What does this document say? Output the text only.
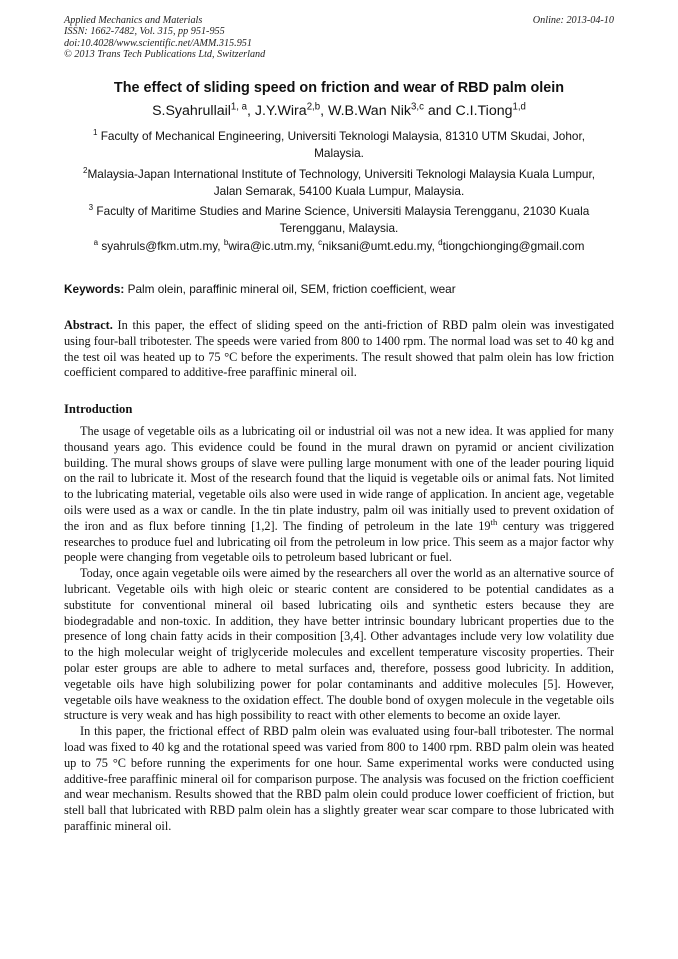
Applied Mechanics and Materials
ISSN: 1662-7482, Vol. 315, pp 951-955
doi:10.4028/www.scientific.net/AMM.315.951
© 2013 Trans Tech Publications Ltd, Switzerland
Online: 2013-04-10
The effect of sliding speed on friction and wear of RBD palm olein
S.Syahrullail$^{1, a}$, J.Y.Wira$^{2,b}$, W.B.Wan Nik$^{3,c}$ and C.I.Tiong$^{1,d}$
$^1$ Faculty of Mechanical Engineering, Universiti Teknologi Malaysia, 81310 UTM Skudai, Johor, Malaysia.
$^2$Malaysia-Japan International Institute of Technology, Universiti Teknologi Malaysia Kuala Lumpur, Jalan Semarak, 54100 Kuala Lumpur, Malaysia.
$^3$ Faculty of Maritime Studies and Marine Science, Universiti Malaysia Terengganu, 21030 Kuala Terengganu, Malaysia.
$^a$ syahruls@fkm.utm.my, $^b$wira@ic.utm.my, $^c$niksani@umt.edu.my, $^d$tiongchionging@gmail.com
Keywords: Palm olein, paraffinic mineral oil, SEM, friction coefficient, wear

Abstract. In this paper, the effect of sliding speed on the anti-friction of RBD palm olein was investigated using four-ball tribotester. The speeds were varied from 800 to 1400 rpm. The normal load was set to 40 kg and the test oil was heated up to 75 °C before the experiments. The result showed that palm olein has low friction coefficient compared to additive-free paraffinic mineral oil.

Introduction

The usage of vegetable oils as a lubricating oil or industrial oil was not a new idea. It was applied for many thousand years ago. This evidence could be found in the mural drawn on pyramid or ancient civilization building. The mural shows groups of slave were pulling large monument with one of the leader pouring liquid on the rail to lubricate it. Most of the research found that the liquid is vegetable oils or animal fats. Not limited to the lubricating material, vegetable oils also were used in wide range of application. In ancient age, vegetable oils were used as a wax or candle. In the tin plate industry, palm oil was initially used to prevent oxidation of the iron and as flux before tinning [1,2]. The finding of petroleum in the late 19th century was triggered researches to produce fuel and lubricating oil from the petroleum in low price. This seem as a major factor why people were changing from vegetable oils to petroleum based lubricant or fuel.

Today, once again vegetable oils were aimed by the researchers all over the world as an alternative source of lubricant. Vegetable oils with high oleic or stearic content are considered to be potential candidates as a substitute for conventional mineral oil based lubricating oils and synthetic esters because they are biodegradable and non-toxic. In addition, they have better intrinsic boundary lubricant properties due to the presence of long chain fatty acids in their composition [3,4]. Other advantages include very low volatility due to the high molecular weight of triglyceride molecules and excellent temperature viscosity properties. Their polar ester groups are able to adhere to metal surfaces and, therefore, possess good lubricity. In addition, vegetable oils have high solubilizing power for polar contaminants and additive molecules [5]. However, vegetable oils have weakness to the oxidation effect. The double bond of oxygen molecule in the vegetable oils structure is very weak and has high possibility to react with other elements to become an oxide layer.

In this paper, the frictional effect of RBD palm olein was evaluated using four-ball tribotester. The normal load was fixed to 40 kg and the rotational speed was varied from 800 to 1400 rpm. RBD palm olein was heated up to 75 °C before running the experiments for one hour. Same experimental works were conducted using additive-free paraffinic mineral oil for comparison purpose. The analysis was focused on the friction coefficient and wear mechanism. Results showed that the RBD palm olein could produce lower coefficient of friction, but stell ball that lubricated with RBD palm olein has a slightly greater wear scar compare to those lubricated with paraffinic mineral oil.
